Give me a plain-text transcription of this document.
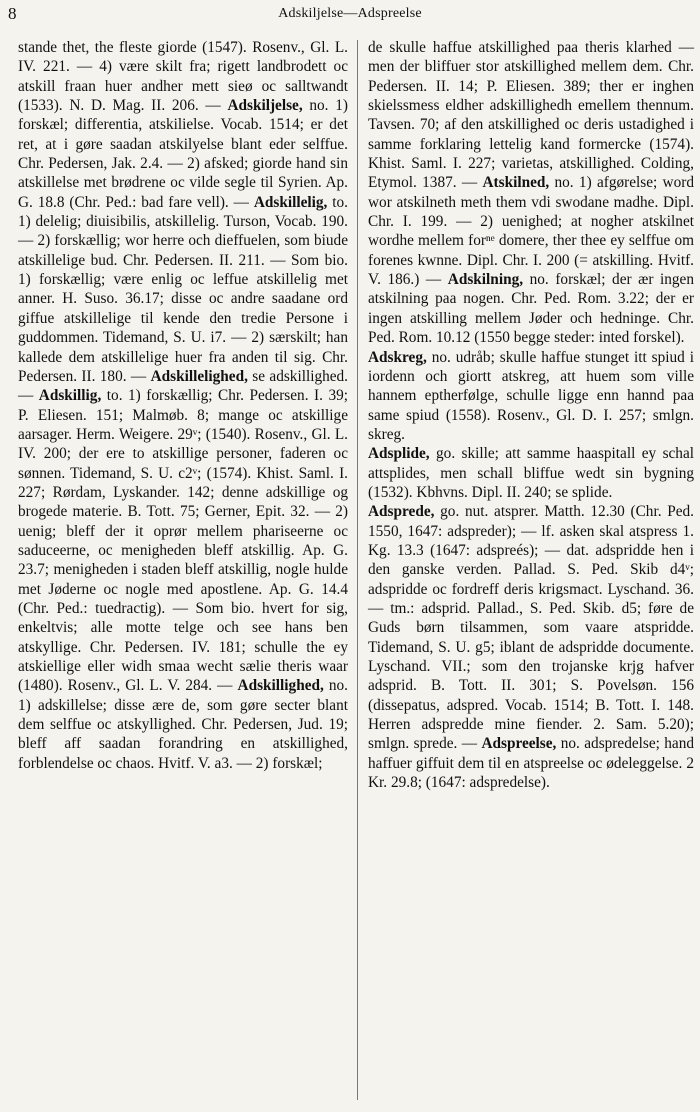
8	Adskiljelse—Adspreelse

stande thet, the fleste giorde (1547). Rosenv., Gl. L. IV. 221. — 4) være skilt fra; rigett landbrodett oc atskill fraan huer andher mett sieø oc salltwandt (1533). N. D. Mag. II. 206. — Adskiljelse, no. 1) forskæl; differentia, atskilielse. Vocab. 1514; er det ret, at i gøre saadan atskilyelse blant eder selffue. Chr. Pedersen, Jak. 2.4. — 2) afsked; giorde hand sin atskillelse met brødrene oc vilde segle til Syrien. Ap. G. 18.8 (Chr. Ped.: bad fare vell). — Adskillelig, to. 1) delelig; diuisibilis, atskillelig. Turson, Vocab. 190. — 2) forskællig; wor herre och dieffuelen, som biude atskillelige bud. Chr. Pedersen. II. 211. — Som bio. 1) forskællig; være enlig oc leffue atskillelig met anner. H. Suso. 36.17; disse oc andre saadane ord giffue atskillelige til kende den tredie Persone i guddommen. Tidemand, S. U. i7. — 2) særskilt; han kallede dem atskillelige huer fra anden til sig. Chr. Pedersen. II. 180. — Adskillelighed, se adskillighed. — Adskillig, to. 1) forskællig; Chr. Pedersen. I. 39; P. Eliesen. 151; Malmøb. 8; mange oc atskillige aarsager. Herm. Weigere. 29ᵛ; (1540). Rosenv., Gl. L. IV. 200; der ere to atskillige personer, faderen oc sønnen. Tidemand, S. U. c2ᵛ; (1574). Khist. Saml. I. 227; Rørdam, Lyskander. 142; denne adskillige og brogede materie. B. Tott. 75; Gerner, Epit. 32. — 2) uenig; bleff der it oprør mellem phariseerne oc saduceerne, oc menigheden bleff atskillig. Ap. G. 23.7; menigheden i staden bleff atskillig, nogle hulde met Jøderne oc nogle med apostlene. Ap. G. 14.4 (Chr. Ped.: tuedractig). — Som bio. hvert for sig, enkeltvis; alle motte telge och see hans ben atskyllige. Chr. Pedersen. IV. 181; schulle the ey atskiellige eller widh smaa wecht sælie theris waar (1480). Rosenv., Gl. L. V. 284. — Adskillighed, no. 1) adskillelse; disse ære de, som gøre secter blant dem selffue oc atskyllighed. Chr. Pedersen, Jud. 19; bleff aff saadan forandring en atskillighed, forblendelse oc chaos. Hvitf. V. a3. — 2) forskæl;

de skulle haffue atskillighed paa theris klarhed — men der bliffuer stor atskillighed mellem dem. Chr. Pedersen. II. 14; P. Eliesen. 389; ther er inghen skielssmess eldher adskillighedh emellem thennum. Tavsen. 70; af den atskillighed oc deris ustadighed i samme forklaring lettelig kand formercke (1574). Khist. Saml. I. 227; varietas, atskillighed. Colding, Etymol. 1387. — Atskilned, no. 1) afgørelse; word wor atskilneth meth them vdi swodane madhe. Dipl. Chr. I. 199. — 2) uenighed; at nogher atskilnet wordhe mellem forⁿᵉ domere, ther thee ey selffue om forenes kwnne. Dipl. Chr. I. 200 (= atskilling. Hvitf. V. 186.) — Adskilning, no. forskæl; der ær ingen atskilning paa nogen. Chr. Ped. Rom. 3.22; der er ingen atskilling mellem Jøder och hedninge. Chr. Ped. Rom. 10.12 (1550 begge steder: inted forskel).

Adskreg, no. udråb; skulle haffue stunget itt spiud i iordenn och giortt atskreg, att huem som ville hannem eptherfølge, schulle ligge enn hannd paa same spiud (1558). Rosenv., Gl. D. I. 257; smlgn. skreg.

Adsplide, go. skille; att samme haaspitall ey schal attsplides, men schall bliffue wedt sin bygning (1532). Kbhvns. Dipl. II. 240; se splide.

Adsprede, go. nut. atsprer. Matth. 12.30 (Chr. Ped. 1550, 1647: adspreder); — lf. asken skal atspress 1. Kg. 13.3 (1647: adspreés); — dat. adspridde hen i den ganske verden. Pallad. S. Ped. Skib d4ᵛ; adspridde oc fordreff deris krigsmact. Lyschand. 36. — tm.: adsprid. Pallad., S. Ped. Skib. d5; føre de Guds børn tilsammen, som vaare atspridde. Tidemand, S. U. g5; iblant de adspridde documente. Lyschand. VII.; som den trojanske krjg hafver adsprid. B. Tott. II. 301; S. Povelsøn. 156 (dissepatus, adspred. Vocab. 1514; B. Tott. I. 148. Herren adspredde mine fiender. 2. Sam. 5.20); smlgn. sprede. — Adspreelse, no. adspredelse; hand haffuer giffuit dem til en atspreelse oc ødeleggelse. 2 Kr. 29.8; (1647: adspredelse).
